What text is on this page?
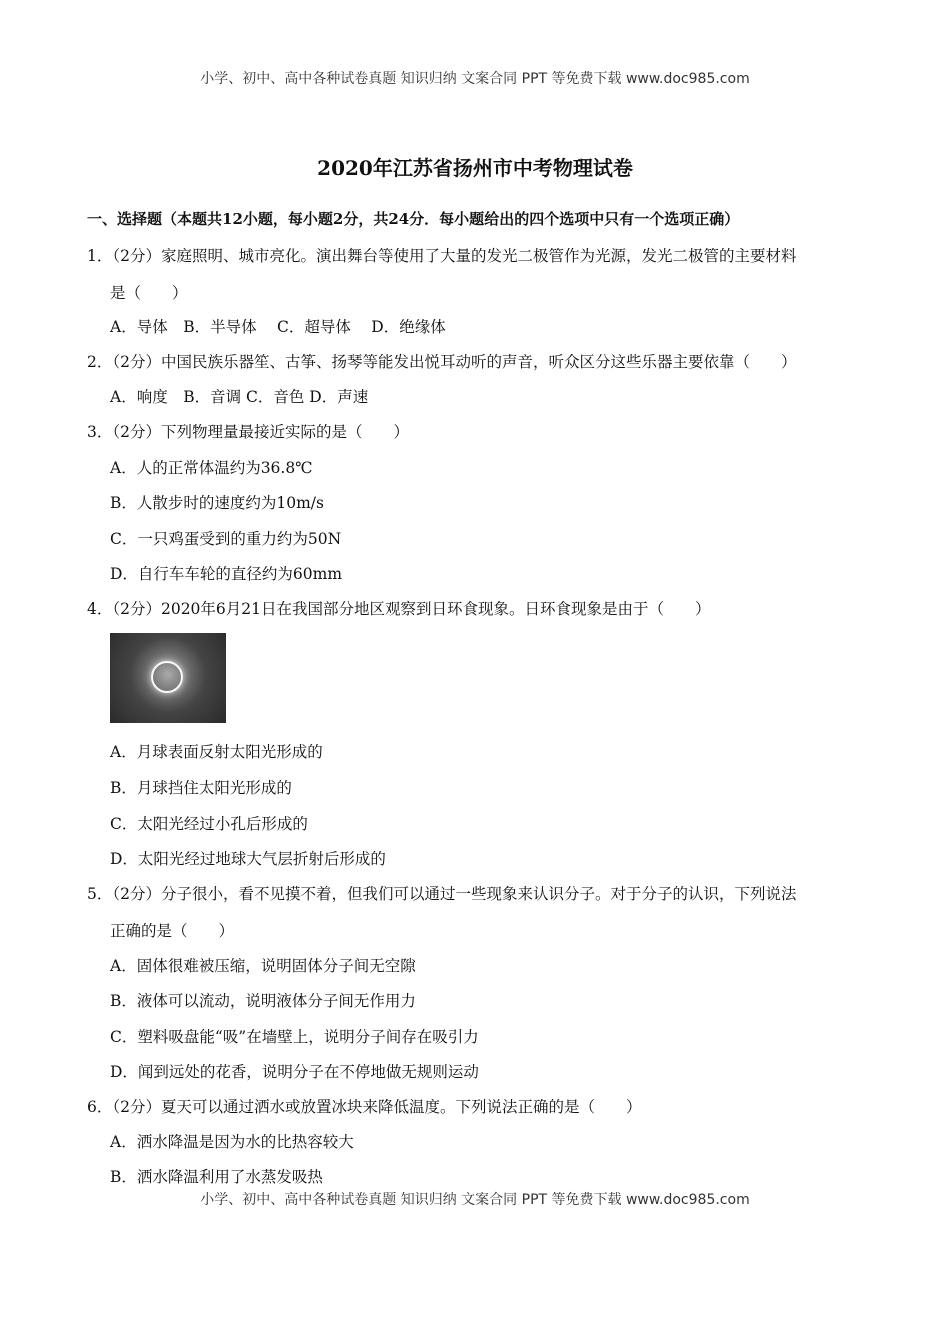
小学、初中、高中各种试卷真题 知识归纳 文案合同 PPT 等免费下载 www.doc985.com
2020年江苏省扬州市中考物理试卷
一、选择题（本题共12小题，每小题2分，共24分．每小题给出的四个选项中只有一个选项正确）
1．（2分）家庭照明、城市亮化。演出舞台等使用了大量的发光二极管作为光源，发光二极管的主要材料
是（　　）
A．导体　B．半导体　 C．超导体　 D．绝缘体
2．（2分）中国民族乐器笙、古筝、扬琴等能发出悦耳动听的声音，听众区分这些乐器主要依靠（　　）
A．响度　B．音调 C．音色 D．声速
3．（2分）下列物理量最接近实际的是（　　）
A．人的正常体温约为36.8℃
B．人散步时的速度约为10m/s
C．一只鸡蛋受到的重力约为50N
D．自行车车轮的直径约为60mm
4．（2分）2020年6月21日在我国部分地区观察到日环食现象。日环食现象是由于（　　）
A．月球表面反射太阳光形成的
B．月球挡住太阳光形成的
C．太阳光经过小孔后形成的
D．太阳光经过地球大气层折射后形成的
5．（2分）分子很小，看不见摸不着，但我们可以通过一些现象来认识分子。对于分子的认识，下列说法
正确的是（　　）
A．固体很难被压缩，说明固体分子间无空隙
B．液体可以流动，说明液体分子间无作用力
C．塑料吸盘能“吸”在墙壁上，说明分子间存在吸引力
D．闻到远处的花香，说明分子在不停地做无规则运动
6．（2分）夏天可以通过洒水或放置冰块来降低温度。下列说法正确的是（　　）
A．洒水降温是因为水的比热容较大
B．洒水降温利用了水蒸发吸热
小学、初中、高中各种试卷真题 知识归纳 文案合同 PPT 等免费下载 www.doc985.com
